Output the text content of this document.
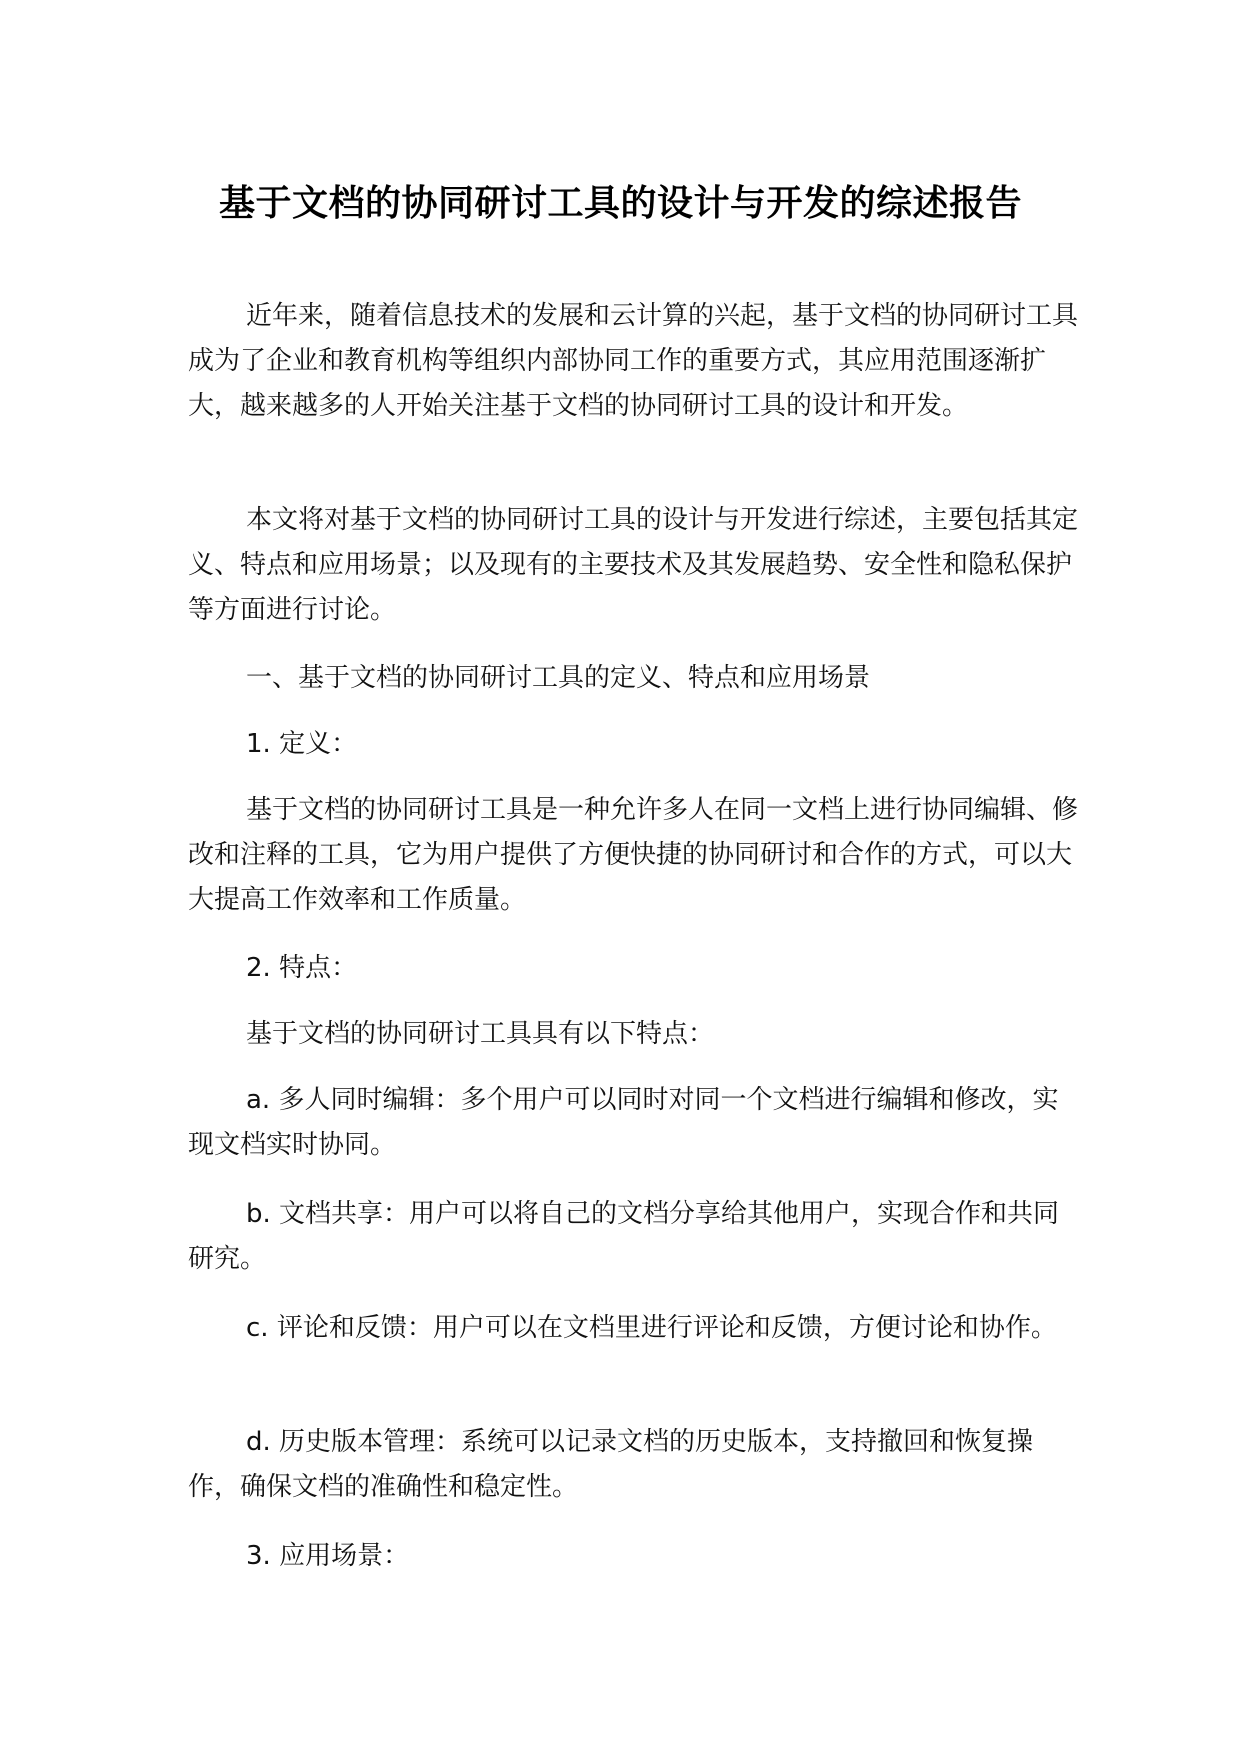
基于文档的协同研讨工具的设计与开发的综述报告
近年来，随着信息技术的发展和云计算的兴起，基于文档的协同研讨工具成为了企业和教育机构等组织内部协同工作的重要方式，其应用范围逐渐扩大，越来越多的人开始关注基于文档的协同研讨工具的设计和开发。
本文将对基于文档的协同研讨工具的设计与开发进行综述，主要包括其定义、特点和应用场景；以及现有的主要技术及其发展趋势、安全性和隐私保护等方面进行讨论。
一、基于文档的协同研讨工具的定义、特点和应用场景
1. 定义：
基于文档的协同研讨工具是一种允许多人在同一文档上进行协同编辑、修改和注释的工具，它为用户提供了方便快捷的协同研讨和合作的方式，可以大大提高工作效率和工作质量。
2. 特点：
基于文档的协同研讨工具具有以下特点：
a. 多人同时编辑：多个用户可以同时对同一个文档进行编辑和修改，实现文档实时协同。
b. 文档共享：用户可以将自己的文档分享给其他用户，实现合作和共同研究。
c. 评论和反馈：用户可以在文档里进行评论和反馈，方便讨论和协作。
d. 历史版本管理：系统可以记录文档的历史版本，支持撤回和恢复操作，确保文档的准确性和稳定性。
3. 应用场景：
